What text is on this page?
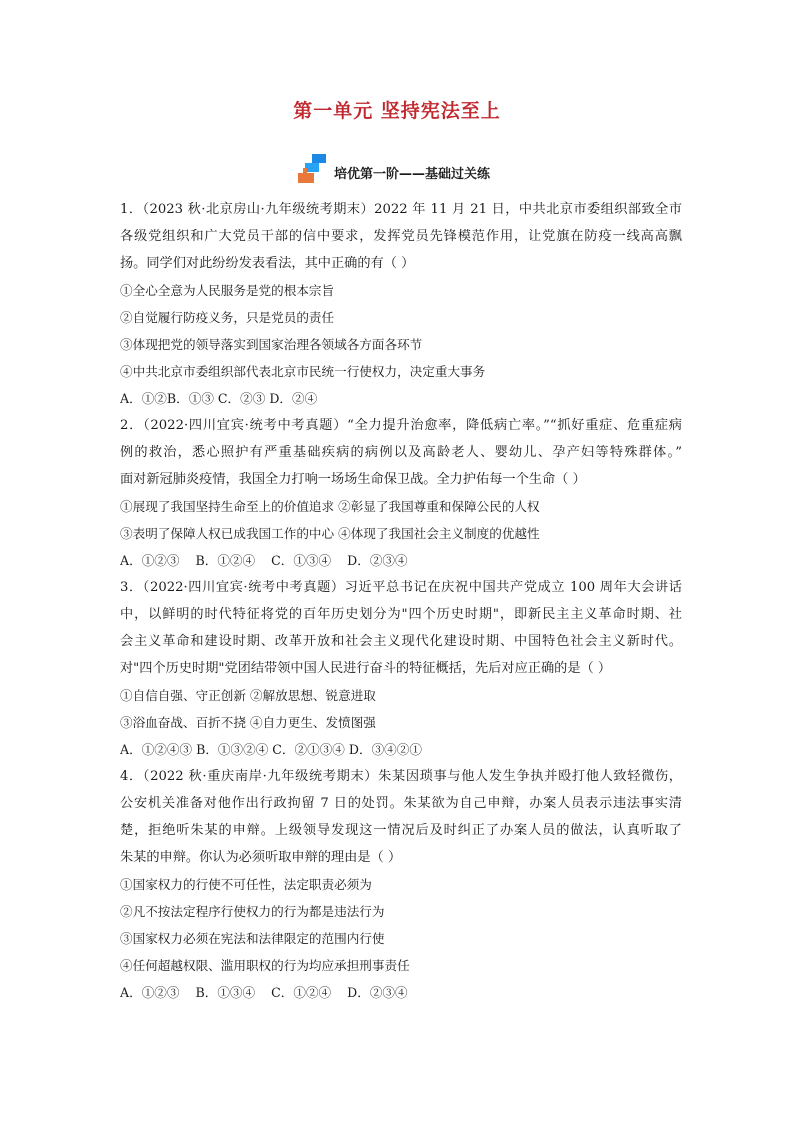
第一单元 坚持宪法至上
培优第一阶——基础过关练
1．（2023 秋·北京房山·九年级统考期末）2022 年 11 月 21 日，中共北京市委组织部致全市
各级党组织和广大党员干部的信中要求，发挥党员先锋模范作用，让党旗在防疫一线高高飘
扬。同学们对此纷纷发表看法，其中正确的有（ ）
①全心全意为人民服务是党的根本宗旨
②自觉履行防疫义务，只是党员的责任
③体现把党的领导落实到国家治理各领域各方面各环节
④中共北京市委组织部代表北京市民统一行使权力，决定重大事务
A．①②B．①③ C．②③ D．②④
2．（2022·四川宜宾·统考中考真题）“全力提升治愈率，降低病亡率。”“抓好重症、危重症病
例的救治，悉心照护有严重基础疾病的病例以及高龄老人、婴幼儿、孕产妇等特殊群体。”
面对新冠肺炎疫情，我国全力打响一场场生命保卫战。全力护佑每一个生命（ ）
①展现了我国坚持生命至上的价值追求 ②彰显了我国尊重和保障公民的人权
③表明了保障人权已成我国工作的中心 ④体现了我国社会主义制度的优越性
A．①②③    B．①②④    C．①③④    D．②③④
3．（2022·四川宜宾·统考中考真题）习近平总书记在庆祝中国共产党成立 100 周年大会讲话
中，以鲜明的时代特征将党的百年历史划分为"四个历史时期"，即新民主主义革命时期、社
会主义革命和建设时期、改革开放和社会主义现代化建设时期、中国特色社会主义新时代。
对"四个历史时期"党团结带领中国人民进行奋斗的特征概括，先后对应正确的是（ ）
①自信自强、守正创新 ②解放思想、锐意进取
③浴血奋战、百折不挠 ④自力更生、发愤图强
A．①②④③ B．①③②④ C．②①③④ D．③④②①
4．（2022 秋·重庆南岸·九年级统考期末）朱某因琐事与他人发生争执并殴打他人致轻微伤，
公安机关准备对他作出行政拘留 7 日的处罚。朱某欲为自己申辩，办案人员表示违法事实清
楚，拒绝听朱某的申辩。上级领导发现这一情况后及时纠正了办案人员的做法，认真听取了
朱某的申辩。你认为必须听取申辩的理由是（ ）
①国家权力的行使不可任性，法定职责必须为
②凡不按法定程序行使权力的行为都是违法行为
③国家权力必须在宪法和法律限定的范围内行使
④任何超越权限、滥用职权的行为均应承担刑事责任
A．①②③    B．①③④    C．①②④    D．②③④
